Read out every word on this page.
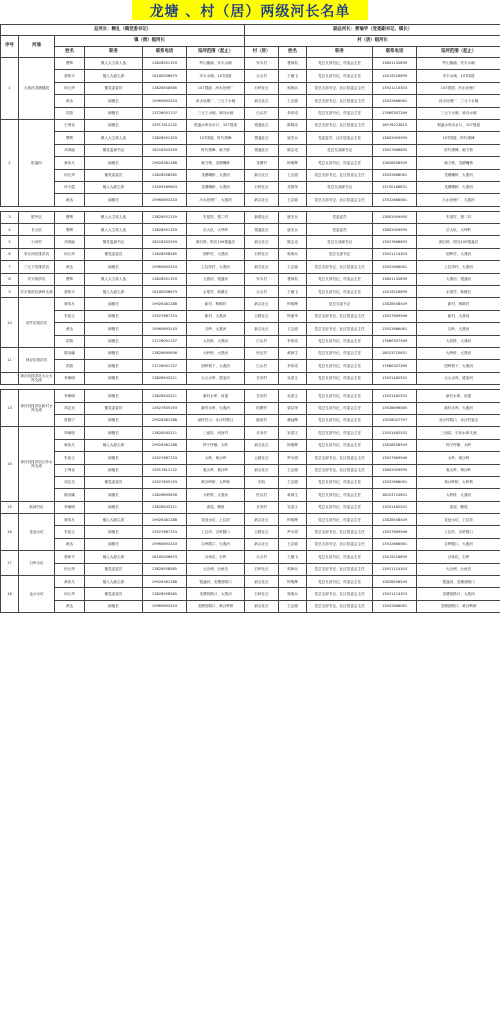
龙塘 、村（居）两级河长名单
总河长：阙礼（镇党委书记）						副总河长：要瑜学（党委副书记，镇长）				
序号	河涌	镇（街）级河长				村（居）级河长				
		姓名	职务	联系电话	巡河范围（起止）	村（居）	姓名	职务	联系电话	巡河范围（起止）
1	大燕河龙塘镇段	曹辉	镇人大主席人选	13828551329	罗山镇涌、安丰水闸	安丰村	曹润权	党总支部书记、村委会主任	13801132899	罗山镇涌、安丰水闸
		蔡和平	镇人大副主席	18165056679	安丰水闸、107国道	大吉村	王顺飞	党总支部书记、村委会主任	13415518899	安丰水闸、107国道
		何元华	镇党委委员	13828558585	107国道、河水处理厂	石岭社区	郭海兵	党总支部书记、社区居委会主任	13921114303	107国道、河水处理厂
		黄达	副镇长	19960693243	河水处理厂、三元下水闸	新吉社区	王志聪	党总支部书记、社区居委会主任	13922666061	河水处理厂、三元下水闸
		洪蔚	副镇长	13726051707	三元下水闸、神谷水闸	白头村	李希成	党总支部书记、村委会主任	17680307269	三元下水闸、神谷水闸
2	银盏河	王坤金	副镇长	15917612132	银盏水库出水口、107国道	银盏社区	陈锦光	党总支部书记、社区居委会主任	18576223815	银盏水库出水口、107国道
		曹辉	镇人大主席人选	13828551329	107国道、时代领峰	银盏社区	唐杰兵	党委委员、社区居委会主任	13802909995	107国道、时代领峰
		邓四能	镇党委副书记	18218302559	时代领峰、载力桥	银盏社区	陈志光	党总支部副书记	13927666655	时代领峰、载力桥
		黄伟凡	副镇长	19926381288	载力桥、龙塘嘴桥	龙塘村	钟明辉	党总支部书记、村委会主任	13828558549	载力桥、龙塘嘴桥
		何元华	镇党委委员	13828558585	龙塘嘴桥、大燕河	新吉社区	王志聪	党总支部书记、社区居委会主任	13922666061	龙塘嘴桥、大燕河
		叶小霞	镇人大副主席	13509269603	龙塘嘴桥、大燕河	石岭社区	邓国荣	党总支部副书记	13750168831	龙塘嘴桥、大燕河
		黄达	副镇长	19960693243	污水处理厂、大燕河	新吉社区	王志聪	党总支部书记、社区居委会主任	13922666061	污水处理厂、大燕河

3	银中坑	曹辉	镇人大主席人选	13828551329	朱屋村、银二村	新联社区	唐杰兵	党委委员	13802909995	朱屋村、银二村
4	长大坑	曹辉	镇人大主席人选	13828551329	长大坑、大坪岭	银盏社区	唐杰兵	党委委员	13802909995	长大坑、大坪岭
5	小河村	邓四能	镇党委副书记	18218302559	源石桥、阳光100银盏店	新吉社区	陈志光	党总支部副书记	13927666655	源石桥、阳光100银盏店
6	李合冲坑排洪坑	何元华	镇党委委员	13828558585	团岭村、大燕河	石岭社区	郭海兵	党总支部书记	13921114303	团岭村、大燕河
7	三元下坑排洪坑	黄达	副镇长	19960693243	上拉冲村、大燕河	新吉社区	王志聪	党总支部书记、社区居委会主任	13922666061	上拉冲村、大燕河
8	安丰排洪坑	曹辉	镇人大主席人选	13828551329	大燕河、银盏河	安丰村	曹润权	党总支部书记、村委会主任	13801132899	大燕河、银盏河
9	安丰排洪坑承岭支流	蔡和平	镇人大副主席	18165056679	水尾村、新镇长	大吉村	王顺飞	党总支部书记、村委会主任	13415518899	水尾村、新镇长
10	旧竹坑排洪坑	黄伟凡	副镇长	19926381288	新村、桥畔村	新吉社区	钟明辉	党总支部书记	13828558549	新村、桥畔村
		朱焰文	副镇长	13927687333	新村、大燕河	云路社区	钟丽华	党总支部书记、社区居委会主任	13927669946	新村、大燕河
		黄达	副镇长	19960693243	吉岭、大燕河	新吉社区	王志聪	党总支部书记、社区居委会主任	13922666061	吉岭、大燕河
		洪蔚	副镇长	13726051707	大坑桥、大燕河	白头村	李希成	党总支部书记、村委会主任	17680307269	大坑桥、大燕河
11	神谷坑排洪坑	陈治谦	副镇长	13828695656	大岭桥、大燕河	民乐村	黄润生	党总支部书记、村委会主任	18023710651	大岭桥、大燕河
		洪蔚	副镇长	13726051707	团岭桥下、大燕河	白头村	李希成	党总支部书记、村委会主任	17680307269	团岭桥下、大燕河
	神谷坑排洪坑大元水库支流	李炯明	副镇长	13828543211	大元水库、德亚河	长冲村	吴清文	党总支部书记、村委会主任	13501462552	大元水库、德亚河

13	神谷坑排洪坑新村水库支流	李炯明	副镇长	13828543211	新村水库、河道	长冲村	吴清文	党总支部书记、村委会主任	13501462552	新村水库、河道
		刘志光	镇党委委员	13927635193	新村水库、大燕河	旧塘村	梁启荣	党总支部书记、村委会主任	13928696585	新村水库、大燕河
		张隆宁	副镇长	19926381288	绿民村口、赤沙村路口	湛沛村	赖灿辉	党总支部书记、村委会主任	13926007797	赤沙村路口、赤沙村委会
14	神谷坑排洪坑长冲水库支流	李炯明	副镇长	13828543211	三南站、河河村	长冲村	吴清文	党总支部书记、村委会主任	13501462552	三南站、长冲水库支流
		黄伟凡	镇人大副主席	19926381288	钟子坪镇、大岭	新吉社区	钟明辉	党总支部书记、村委会主任	13828558549	钟子坪镇、大岭
		朱焰文	副镇长	13927687333	大岭、黄沙岭	云路社区	罗永明	党总支部书记、社区居委会主任	13927669946	大岭、黄沙岭
		王坤金	副镇长	15917612132	鬼头岭、黄沙岭	新吉社区	王志聪	党总支部书记、社区居委会主任	13802909995	鬼头岭、黄沙岭
		刘志光	镇党委委员	13927635193	黄沙岭桥、大岭桥	旧坑	王志聪	党总支部书记、村委会主任	13922666061	黄沙岭桥、大岭桥
		陈治谦	副镇长	13828695656	大岭桥、大燕河	民乐村	黄润生	党总支部书记、村委会主任	18023710651	大岭桥、大燕河
15	新岗凹坑	李炯明	副镇长	13828543211	漆屋、赖屋	长冲村	吴清文	党总支部书记、村委会主任	13501462552	漆屋、赖屋
16	花冠水坑	黄伟凡	镇人大副主席	19926381288	花冠水坑、上拉冲	新吉社区	钟明辉	党总支部书记、村委会主任	13828558549	花冠水坑、上拉冲
		朱焰文	副镇长	13927687333	上拉冲、吉岭隧口	云路社区	罗永明	党总支部书记、社区居委会主任	13927669946	上拉冲、吉岭隧口
		黄达	副镇长	19960693243	吉岭隧口、大燕河	新吉社区	王志聪	党总支部书记、社区居委会主任	13922666061	吉岭隧口、大燕河
17	石岭水坑	蔡和平	镇人大副主席	18165056679	沙鱼坑、石岭	大吉村	王顺飞	党总支部书记、村委会主任	13415518899	沙鱼坑、石岭
		何元华	镇党委委员	13828558585	大沙洲、沙鱼坑	石岭社区	郭海兵	党总支部书记、社区居委会主任	13921114303	大沙洲、沙鱼坑
18	金沙水坑	黄伟凡	镇人大副主席	19926381288	银盏河、龙塘营路口	新吉社区	钟明辉	党总支部书记、村委会主任	13828558549	银盏河、龙塘营路口
		何元华	镇党委委员	13828558585	龙塘营路口、大燕河	石岭社区	郭海兵	党总支部书记、社区居委会主任	13921114303	龙塘营路口、大燕河
		黄达	副镇长	19960693243	龙塘营路口、黄沙岭桥	新吉社区	王志聪	党总支部书记、社区居委会主任	13922666061	龙塘营路口、黄沙岭桥
